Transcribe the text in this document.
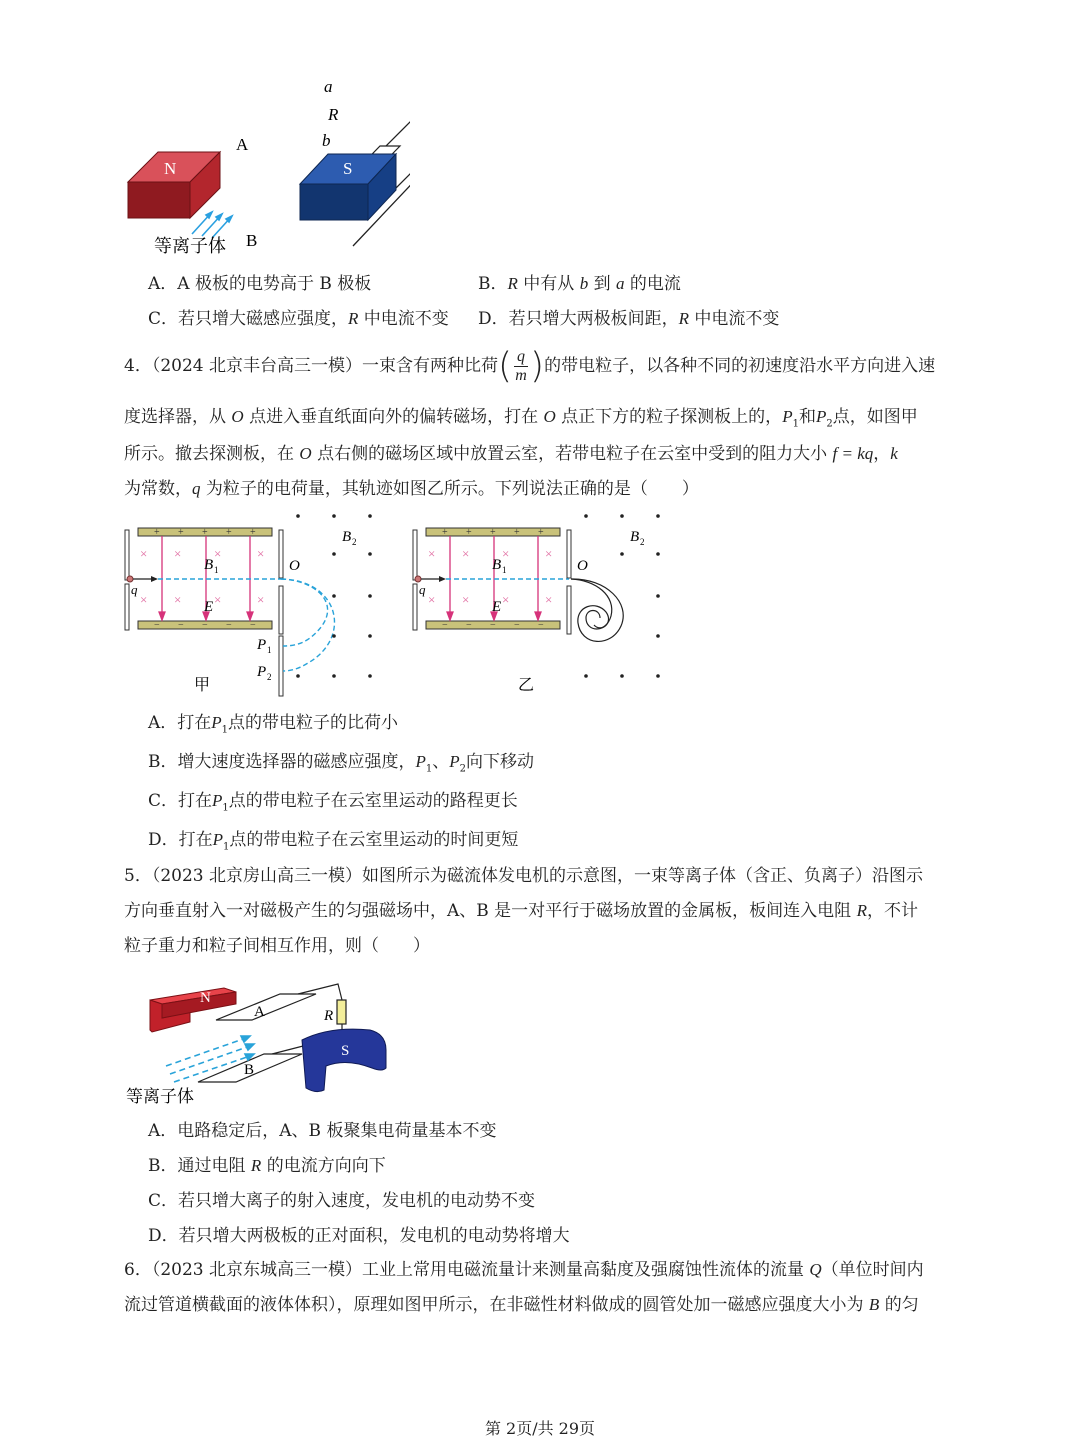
a
R
b
A
B
N	S
等离子体
A．A 极板的电势高于 B 极板	B．R 中有从 b 到 a 的电流
C．若只增大磁感应强度，R 中电流不变 D．若只增大两极板间距，R 中电流不变
4．（2024 北京丰台高三一模）一束含有两种比荷( $\frac{q}{m}$ )的带电粒子，以各种不同的初速度沿水平方向进入速
度选择器，从 O 点进入垂直纸面向外的偏转磁场，打在 O 点正下方的粒子探测板上的，$P_1$和$P_2$点，如图甲
所示。撤去探测板，在 O 点右侧的磁场区域中放置云室，若带电粒子在云室中受到的阻力大小 f = kq，k
为常数，q 为粒子的电荷量，其轨迹如图乙所示。下列说法正确的是（　　）
+ + + + +
− − − − −
× ×	×	×
× ×	×	×
B 1
E
O
B 2
q
P 1
P 2
甲
+ + + + +
− − − − −
× ×	×	×
× ×	×	×
B 1
E
O
B 2
q
乙
A．打在$P_1$点的带电粒子的比荷小
B．增大速度选择器的磁感应强度，$P_1$、$P_2$向下移动
C．打在$P_1$点的带电粒子在云室里运动的路程更长
D．打在$P_1$点的带电粒子在云室里运动的时间更短
5．（2023 北京房山高三一模）如图所示为磁流体发电机的示意图，一束等离子体（含正、负离子）沿图示
方向垂直射入一对磁极产生的匀强磁场中，A、B 是一对平行于磁场放置的金属板，板间连入电阻 R，不计
粒子重力和粒子间相互作用，则（　　）
N
S
A
B
R
等离子体
A．电路稳定后，A、B 板聚集电荷量基本不变
B．通过电阻 R 的电流方向向下
C．若只增大离子的射入速度，发电机的电动势不变
D．若只增大两极板的正对面积，发电机的电动势将增大
6．（2023 北京东城高三一模）工业上常用电磁流量计来测量高黏度及强腐蚀性流体的流量 Q（单位时间内
流过管道横截面的液体体积），原理如图甲所示，在非磁性材料做成的圆管处加一磁感应强度大小为 B 的匀
第 2页/共 29页
